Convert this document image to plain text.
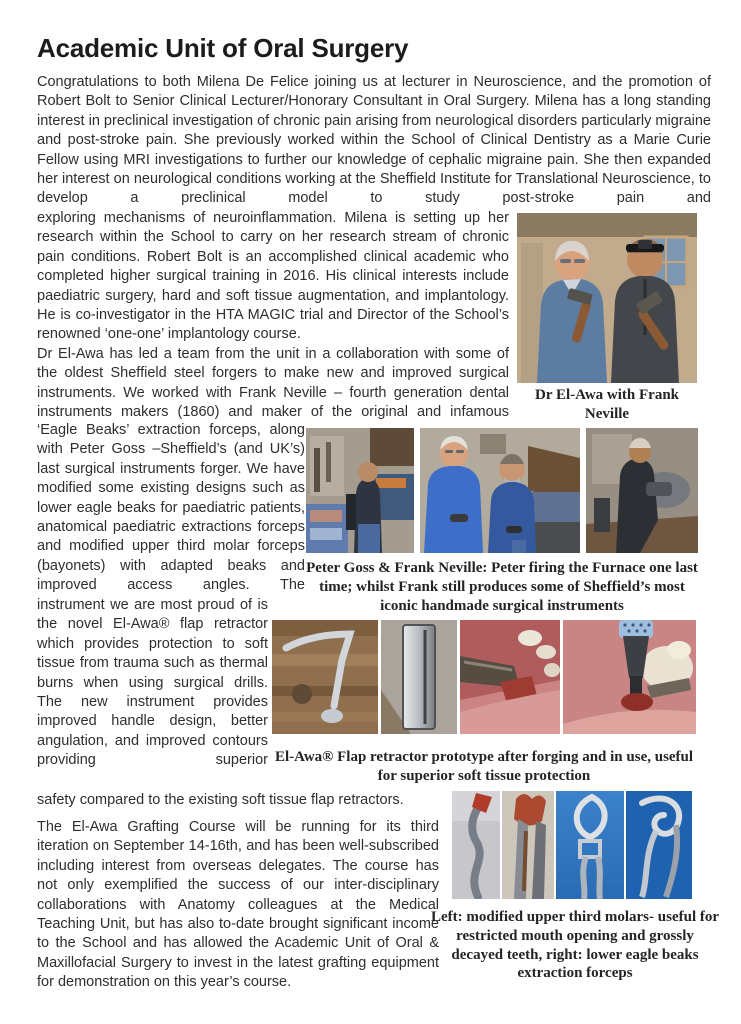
Academic Unit of Oral Surgery
Congratulations to both Milena De Felice joining us at lecturer in Neuroscience, and the promotion of Robert Bolt to Senior Clinical Lecturer/Honorary Consultant in Oral Surgery. Milena has a long standing interest in preclinical investigation of chronic pain arising from neurological disorders particularly migraine and post-stroke pain. She previously worked within the School of Clinical Dentistry as a Marie Curie Fellow using MRI investigations to further our knowledge of cephalic migraine pain. She then expanded her interest on neurological conditions working at the Sheffield Institute for Translational Neuroscience, to develop a preclinical model to study post-stroke pain and
exploring mechanisms of neuroinflammation. Milena is setting up her research within the School to carry on her research stream of chronic pain conditions. Robert Bolt is an accomplished clinical academic who completed higher surgical training in 2016. His clinical interests include paediatric surgery, hard and soft tissue augmentation, and implantology. He is co-investigator in the HTA MAGIC trial and Director of the School’s renowned ‘one-one’ implantology course.
Dr El-Awa with Frank Neville
Dr El-Awa has led a team from the unit in a collaboration with some of the oldest Sheffield steel forgers to make new and improved surgical instruments. We worked with Frank Neville – fourth generation dental instruments makers (1860) and maker of the original and infamous
‘Eagle Beaks’ extraction forceps, along with Peter Goss –Sheffield’s (and UK’s) last surgical instruments forger. We have modified some existing designs such as lower eagle beaks for paediatric patients, anatomical paediatric extractions forceps and modified upper third molar forceps (bayonets) with adapted beaks and improved access angles. The
instrument we are most proud of is the novel El-Awa® flap retractor which provides protection to soft tissue from trauma such as thermal burns when using surgical drills. The new instrument provides improved handle design, better angulation, and improved contours providing superior
safety compared to the existing soft tissue flap retractors.
Peter Goss & Frank Neville: Peter firing the Furnace one last time; whilst Frank still produces some of Sheffield’s most iconic handmade surgical instruments
El-Awa® Flap retractor prototype after forging and in use, useful for superior soft tissue protection
The El-Awa Grafting Course will be running for its third iteration on September 14-16th, and has been well-subscribed including interest from overseas delegates. The course has not only exemplified the success of our inter-disciplinary collaborations with Anatomy colleagues at the Medical Teaching Unit, but has also to-date brought significant income to the School and has allowed the Academic Unit of Oral & Maxillofacial Surgery to invest in the latest grafting equipment for demonstration on this year’s course.
Left: modified upper third molars- useful for restricted mouth opening and grossly decayed teeth, right: lower eagle beaks extraction forceps
